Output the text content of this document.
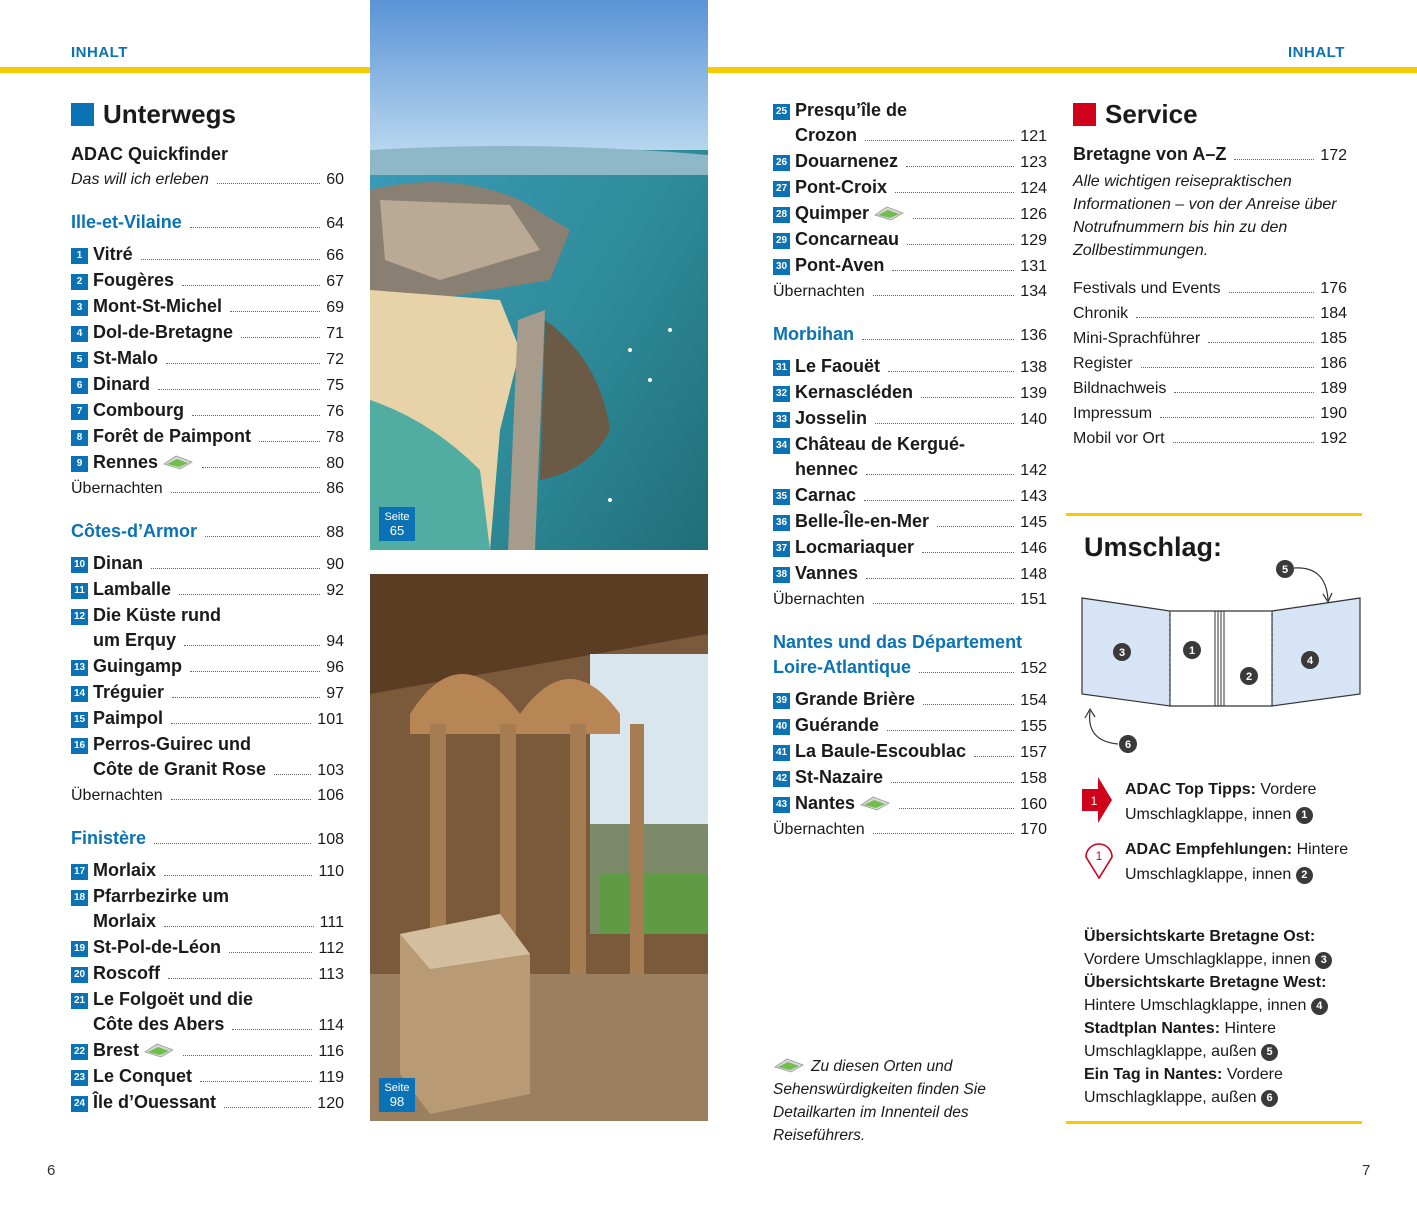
INHALT	INHALT
Unterwegs
ADAC Quickfinder
Das will ich erleben	60
Ille-et-Vilaine	64
1 Vitré	66
2 Fougères	67
3 Mont-St-Michel	69
4 Dol-de-Bretagne	71
5 St-Malo	72
6 Dinard	75
7 Combourg	76
8 Forêt de Paimpont	78
9 Rennes	80
Übernachten	86
Côtes-d’Armor	88
10 Dinan	90
11 Lamballe	92
12 Die Küste rund
um Erquy	94
13 Guingamp	96
14 Tréguier	97
15 Paimpol	101
16 Perros-Guirec und
Côte de Granit Rose	103
Übernachten	106
Finistère	108
17 Morlaix	110
18 Pfarrbezirke um
Morlaix	111
19 St-Pol-de-Léon	112
20 Roscoff	113
21 Le Folgoët und die
Côte des Abers	114
22 Brest	116
23 Le Conquet	119
24 Île d’Ouessant	120
Seite
65
Seite
98
25 Presqu’île de
Crozon	121
26 Douarnenez	123
27 Pont-Croix	124
28 Quimper	126
29 Concarneau	129
30 Pont-Aven	131
Übernachten	134
Morbihan	136
31 Le Faouët	138
32 Kernascléden	139
33 Josselin	140
34 Château de Kergué-
hennec	142
35 Carnac	143
36 Belle-Île-en-Mer	145
37 Locmariaquer	146
38 Vannes	148
Übernachten	151
Nantes und das Département
Loire-Atlantique	152
39 Grande Brière	154
40 Guérande	155
41 La Baule-Escoublac	157
42 St-Nazaire	158
43 Nantes	160
Übernachten	170
Zu diesen Orten und Sehenswürdigkeiten finden Sie Detailkarten im Innenteil des Reiseführers.
Service
Bretagne von A–Z	172
Alle wichtigen reisepraktischen Informationen – von der Anreise über Notrufnummern bis hin zu den Zollbestimmungen.
Festivals und Events	176
Chronik	184
Mini-Sprachführer	185
Register	186
Bildnachweis	189
Impressum	190
Mobil vor Ort	192
Umschlag:
1
2
3
4
5
6
1
ADAC Top Tipps: Vordere
Umschlagklappe, innen 1
1 ADAC Empfehlungen: Hintere
Umschlagklappe, innen 2
Übersichtskarte Bretagne Ost:
Vordere Umschlagklappe, innen 3
Übersichtskarte Bretagne West:
Hintere Umschlagklappe, innen 4
Stadtplan Nantes: Hintere
Umschlagklappe, außen 5
Ein Tag in Nantes: Vordere
Umschlagklappe, außen 6
6	7
